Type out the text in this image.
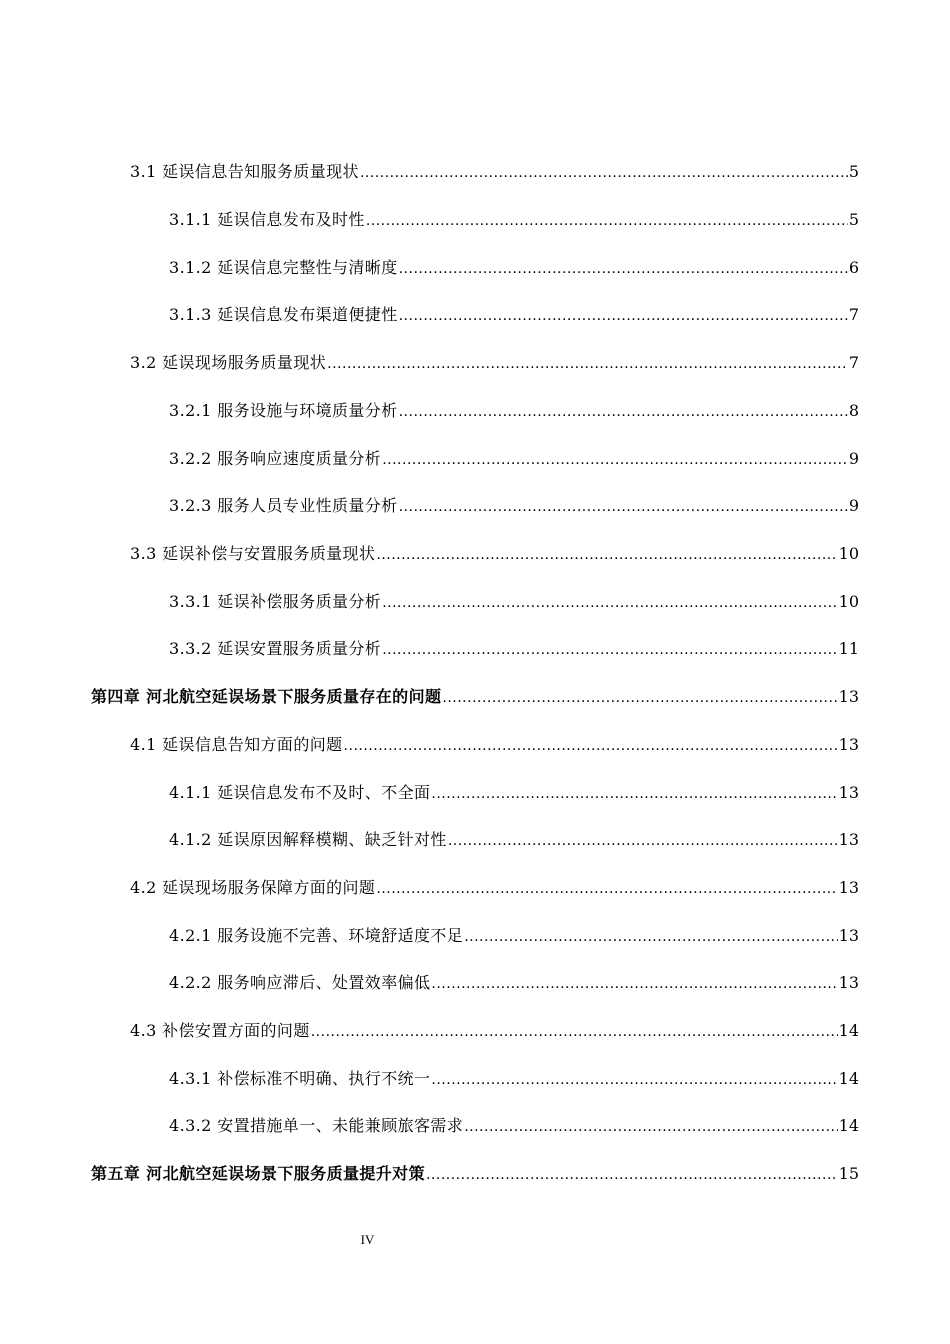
3.1 延误信息告知服务质量现状 .....	5
3.1.1 延误信息发布及时性 .....	5
3.1.2 延误信息完整性与清晰度 .....	6
3.1.3 延误信息发布渠道便捷性 .....	7
3.2 延误现场服务质量现状 .....	7
3.2.1 服务设施与环境质量分析 .....	8
3.2.2 服务响应速度质量分析 .....	9
3.2.3 服务人员专业性质量分析 .....	9
3.3 延误补偿与安置服务质量现状 .....	10
3.3.1 延误补偿服务质量分析 .....	10
3.3.2 延误安置服务质量分析 .....	11
第四章 河北航空延误场景下服务质量存在的问题 .....	13
4.1 延误信息告知方面的问题 .....	13
4.1.1 延误信息发布不及时、不全面 .....	13
4.1.2 延误原因解释模糊、缺乏针对性 .....	13
4.2 延误现场服务保障方面的问题 .....	13
4.2.1 服务设施不完善、环境舒适度不足 .....	13
4.2.2 服务响应滞后、处置效率偏低 .....	13
4.3 补偿安置方面的问题 .....	14
4.3.1 补偿标准不明确、执行不统一 .....	14
4.3.2 安置措施单一、未能兼顾旅客需求 .....	14
第五章 河北航空延误场景下服务质量提升对策 .....	15
IV
